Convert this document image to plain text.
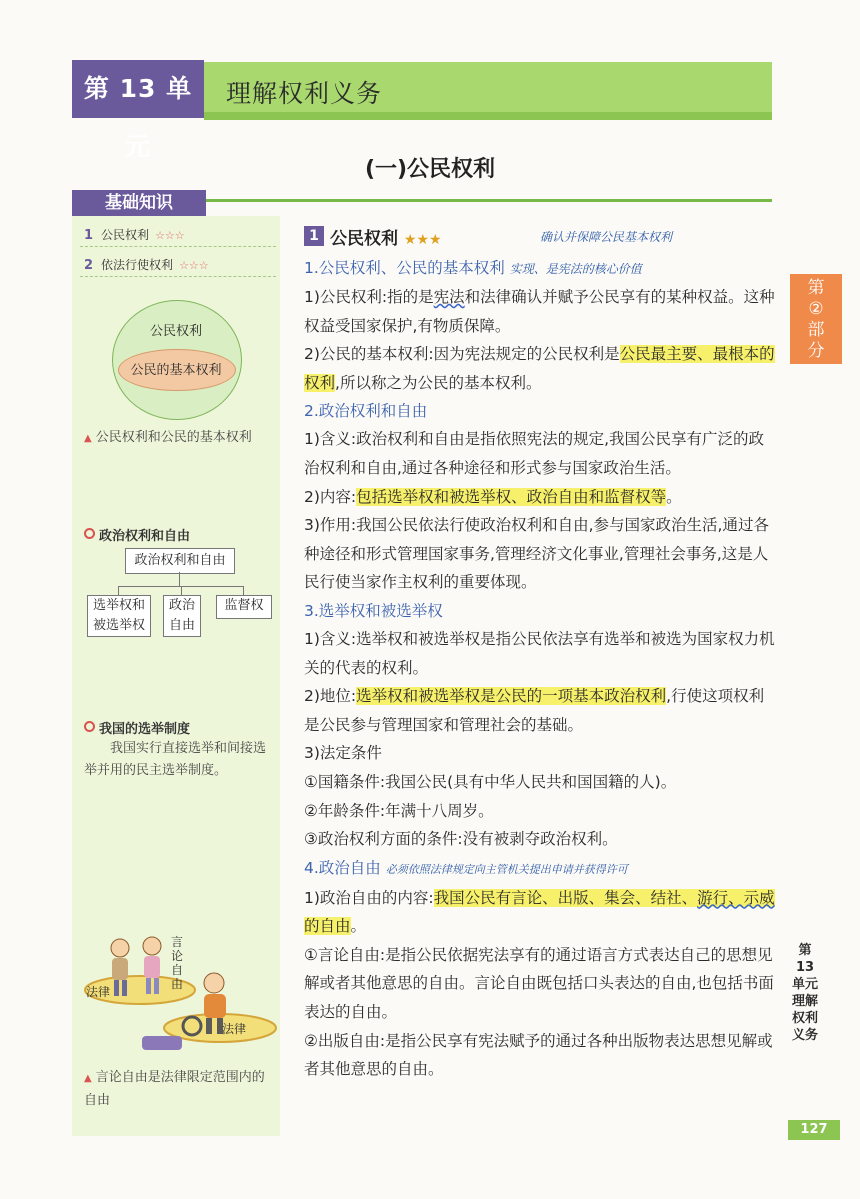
第 13 单元
理解权利义务
(一)公民权利
基础知识
1 公民权利 ☆☆☆
2 依法行使权利 ☆☆☆
公民权利
公民的基本权利
▲ 公民权利和公民的基本权利
政治权利和自由
政治权利和自由
选举权和被选举权
政治自由
监督权
我国的选举制度
我国实行直接选举和间接选举并用的民主选举制度。
言论自由
法律
法律
▲ 言论自由是法律限定范围内的自由
1 公民权利 ★★★	确认并保障公民基本权利
1.公民权利、公民的基本权利 实现、是宪法的核心价值
1)公民权利:指的是宪法和法律确认并赋予公民享有的某种权益。这种权益受国家保护,有物质保障。
2)公民的基本权利:因为宪法规定的公民权利是公民最主要、最根本的权利,所以称之为公民的基本权利。
2.政治权利和自由
1)含义:政治权利和自由是指依照宪法的规定,我国公民享有广泛的政治权利和自由,通过各种途径和形式参与国家政治生活。
2)内容:包括选举权和被选举权、政治自由和监督权等。
3)作用:我国公民依法行使政治权利和自由,参与国家政治生活,通过各种途径和形式管理国家事务,管理经济文化事业,管理社会事务,这是人民行使当家作主权利的重要体现。
3.选举权和被选举权
1)含义:选举权和被选举权是指公民依法享有选举和被选为国家权力机关的代表的权利。
2)地位:选举权和被选举权是公民的一项基本政治权利,行使这项权利是公民参与管理国家和管理社会的基础。
3)法定条件
①国籍条件:我国公民(具有中华人民共和国国籍的人)。
②年龄条件:年满十八周岁。
③政治权利方面的条件:没有被剥夺政治权利。
4.政治自由 必须依照法律规定向主管机关提出申请并获得许可
1)政治自由的内容:我国公民有言论、出版、集会、结社、游行、示威的自由。
①言论自由:是指公民依据宪法享有的通过语言方式表达自己的思想见解或者其他意思的自由。言论自由既包括口头表达的自由,也包括书面表达的自由。
②出版自由:是指公民享有宪法赋予的通过各种出版物表达思想见解或者其他意思的自由。
第
②
部
分
第13单元 理解权利义务
127
